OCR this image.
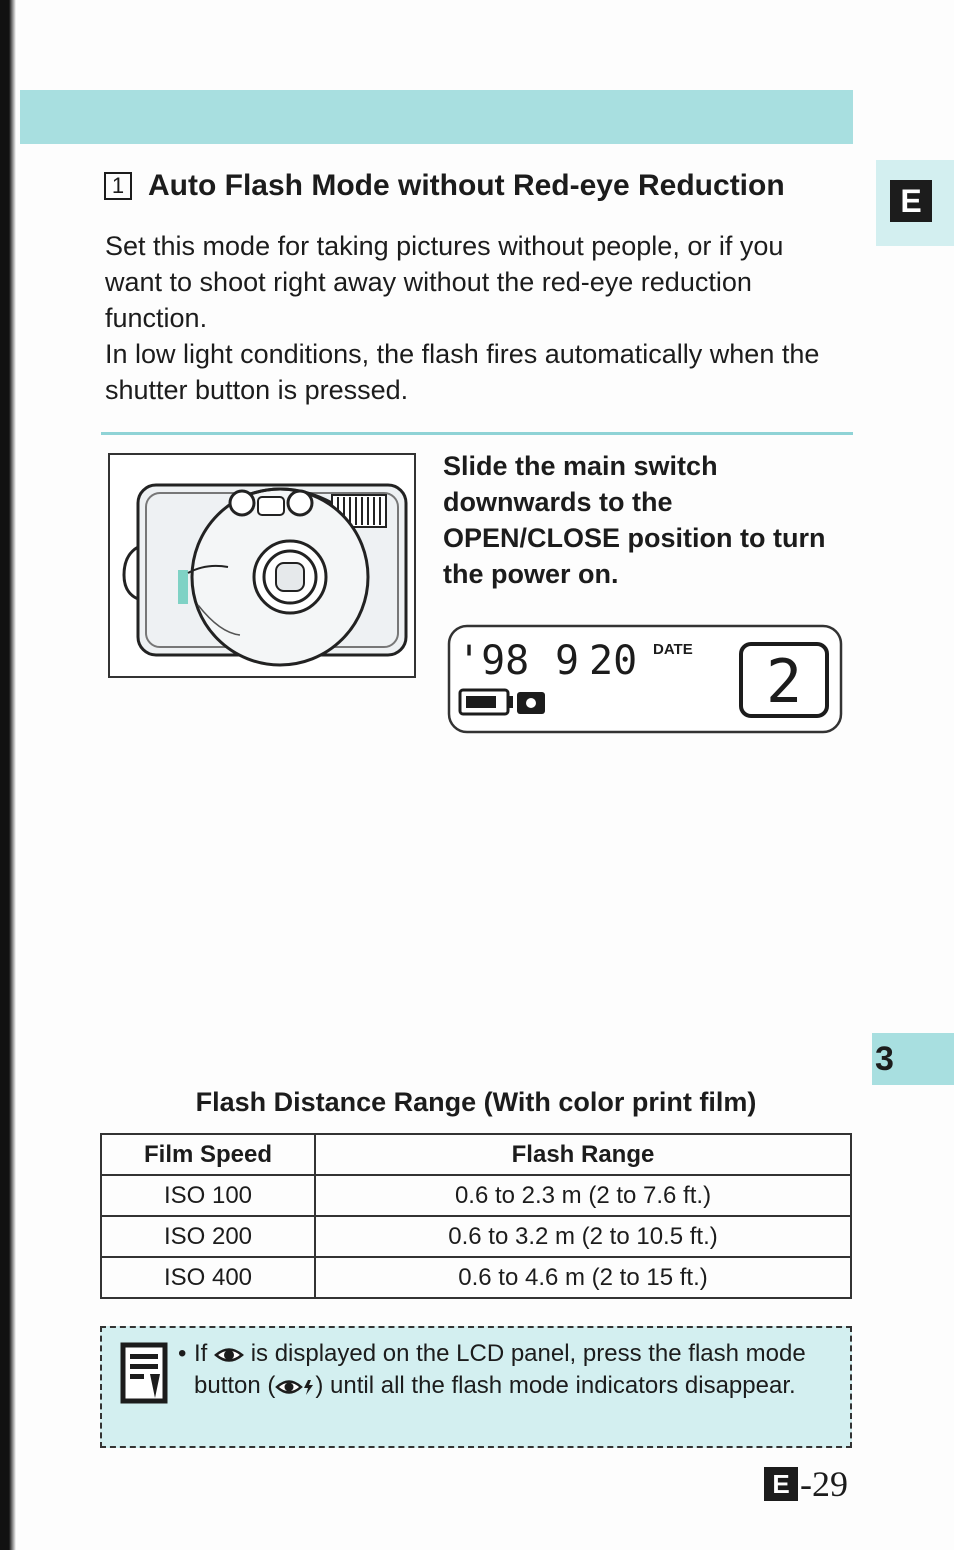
E
3
1 Auto Flash Mode without Red-eye Reduction

Set this mode for taking pictures without people, or if you want to shoot right away without the red-eye reduction function.

In low light conditions, the flash fires automatically when the shutter button is pressed.

Slide the main switch downwards to the OPEN/CLOSE position to turn the power on.
'98 9 20 DATE 2
Flash Distance Range (With color print film)
Film Speed	Flash Range
ISO 100	0.6 to 2.3 m (2 to 7.6 ft.)
ISO 200	0.6 to 3.2 m (2 to 10.5 ft.)
ISO 400	0.6 to 4.6 m (2 to 15 ft.)
• If is displayed on the LCD panel, press the flash mode button ( ) until all the flash mode indicators disappear.
E -29
